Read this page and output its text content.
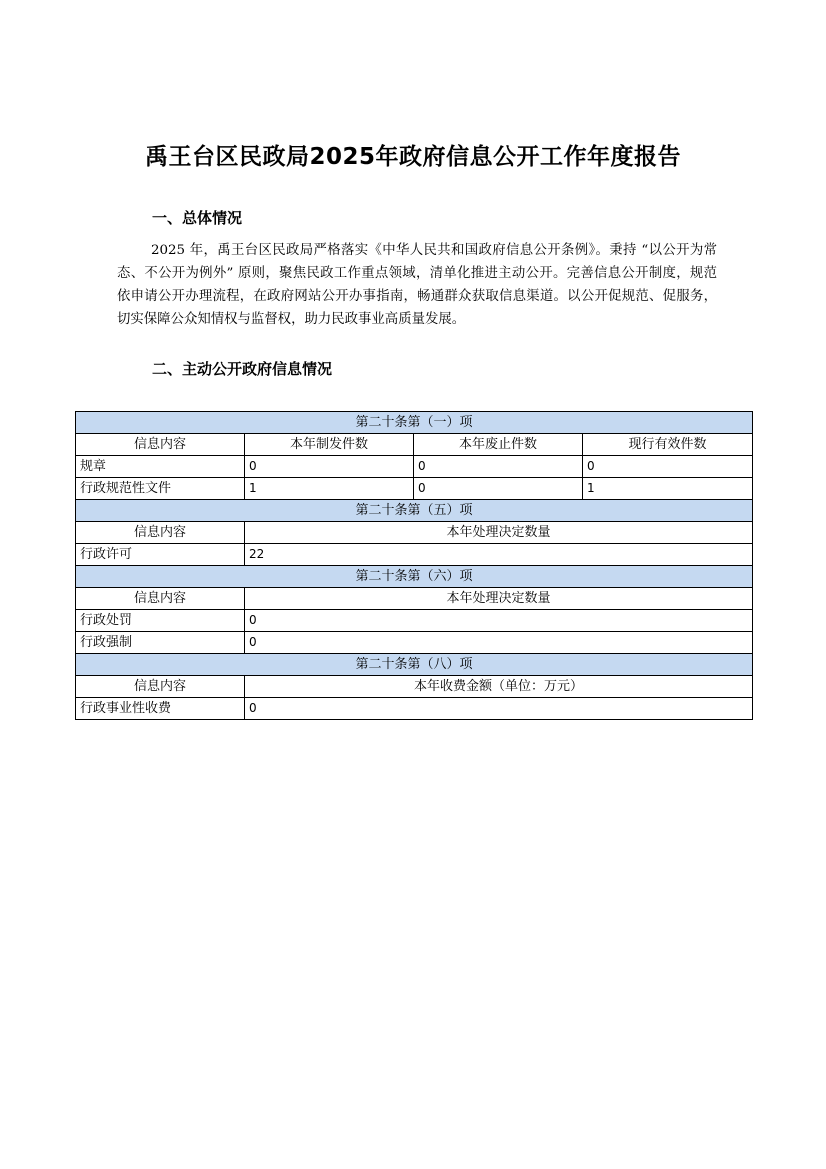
禹王台区民政局2025年政府信息公开工作年度报告
一、总体情况
2025 年，禹王台区民政局严格落实《中华人民共和国政府信息公开条例》。秉持 “以公开为常态、不公开为例外” 原则，聚焦民政工作重点领域，清单化推进主动公开。完善信息公开制度，规范依申请公开办理流程，在政府网站公开办事指南，畅通群众获取信息渠道。以公开促规范、促服务，切实保障公众知情权与监督权，助力民政事业高质量发展。
二、主动公开政府信息情况
第二十条第（一）项			
信息内容	本年制发件数	本年废止件数	现行有效件数
规章	0	0	0
行政规范性文件	1	0	1
第二十条第（五）项			
信息内容	本年处理决定数量		
行政许可	22		
第二十条第（六）项			
信息内容	本年处理决定数量		
行政处罚	0		
行政强制	0		
第二十条第（八）项			
信息内容	本年收费金额（单位：万元）		
行政事业性收费	0		
